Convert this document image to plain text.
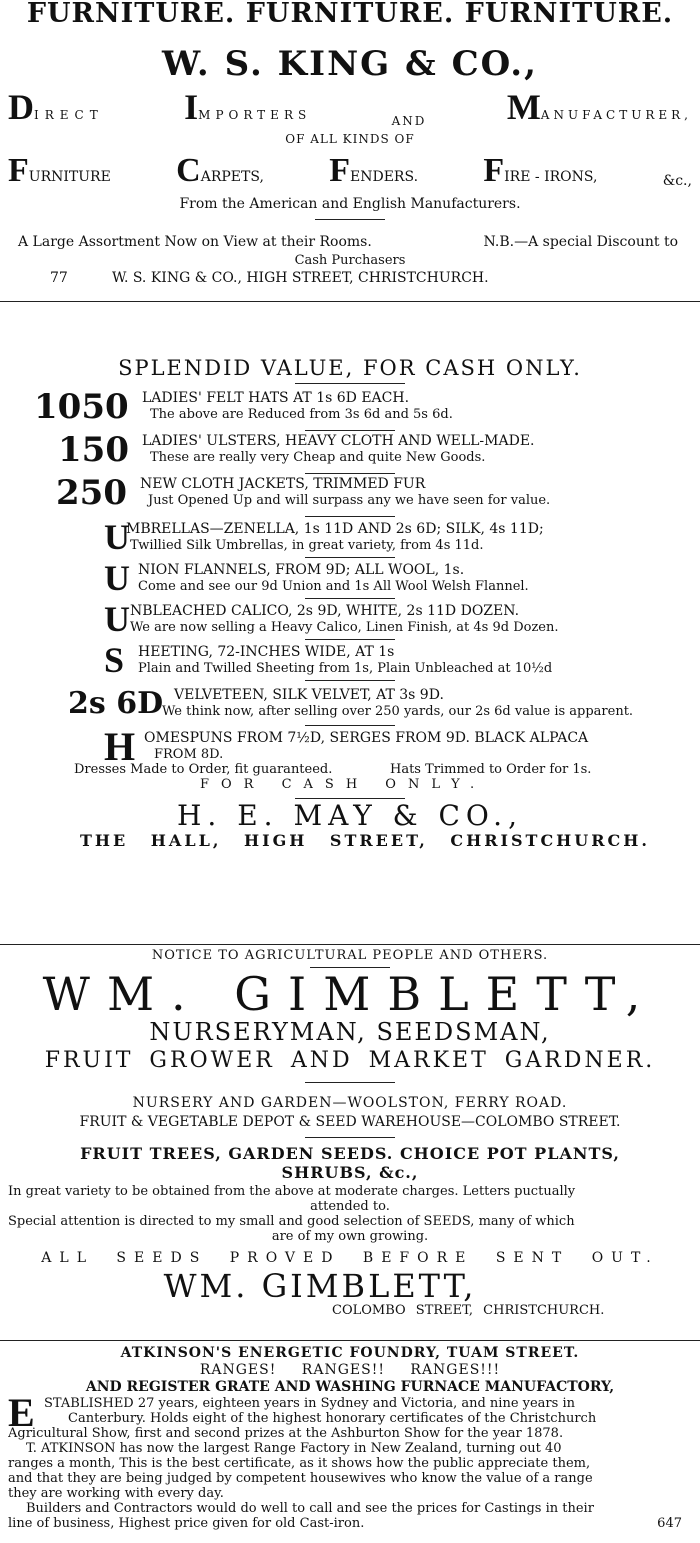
FURNITURE. FURNITURE. FURNITURE.
W. S. KING & CO.,
DIRECT IMPORTERS	AND MANUFACTURER,
OF ALL KINDS OF
FURNITURE CARPETS, FENDERS. FIRE - IRONS,	&c.,
From the American and English Manufacturers.
A Large Assortment Now on View at their Rooms.	N.B.—A special Discount to
Cash Purchasers
77	W. S. KING & CO., HIGH STREET, CHRISTCHURCH.
SPLENDID VALUE, FOR CASH ONLY.
1050 LADIES' FELT HATS AT 1s 6D EACH.
The above are Reduced from 3s 6d and 5s 6d.
150 LADIES' ULSTERS, HEAVY CLOTH AND WELL-MADE.
These are really very Cheap and quite New Goods.
250 NEW CLOTH JACKETS, TRIMMED FUR
Just Opened Up and will surpass any we have seen for value.
U
MBRELLAS—ZENELLA, 1s 11D AND 2s 6D; SILK, 4s 11D;
Twillied Silk Umbrellas, in great variety, from 4s 11d.
U NION FLANNELS, FROM 9D; ALL WOOL, 1s.
Come and see our 9d Union and 1s All Wool Welsh Flannel.
U NBLEACHED CALICO, 2s 9D, WHITE, 2s 11D DOZEN.
We are now selling a Heavy Calico, Linen Finish, at 4s 9d Dozen.
S HEETING, 72-INCHES WIDE, AT 1s
Plain and Twilled Sheeting from 1s, Plain Unbleached at 10½d
2s 6D VELVETEEN, SILK VELVET, AT 3s 9D.
We think now, after selling over 250 yards, our 2s 6d value is apparent.
H OMESPUNS FROM 7½D, SERGES FROM 9D. BLACK ALPACA
FROM 8D.
Dresses Made to Order, fit guaranteed.	Hats Trimmed to Order for 1s.
FOR CASH ONLY.
H. E. MAY & CO.,
THE HALL, HIGH STREET, CHRISTCHURCH.
NOTICE TO AGRICULTURAL PEOPLE AND OTHERS.
WM. GIMBLETT,
NURSERYMAN, SEEDSMAN,
FRUIT GROWER AND MARKET GARDNER.
NURSERY AND GARDEN—WOOLSTON, FERRY ROAD.
FRUIT & VEGETABLE DEPOT & SEED WAREHOUSE—COLOMBO STREET.
FRUIT TREES, GARDEN SEEDS. CHOICE POT PLANTS,
SHRUBS, &c.,
In great variety to be obtained from the above at moderate charges. Letters puctually
attended to.
Special attention is directed to my small and good selection of SEEDS, many of which
are of my own growing.
ALL SEEDS PROVED BEFORE SENT OUT.
WM. GIMBLETT,
COLOMBO STREET, CHRISTCHURCH.
ATKINSON'S ENERGETIC FOUNDRY, TUAM STREET.
RANGES! RANGES!! RANGES!!!
AND REGISTER GRATE AND WASHING FURNACE MANUFACTORY,
E STABLISHED 27 years, eighteen years in Sydney and Victoria, and nine years in
Canterbury. Holds eight of the highest honorary certificates of the Christchurch
Agricultural Show, first and second prizes at the Ashburton Show for the year 1878.
T. ATKINSON has now the largest Range Factory in New Zealand, turning out 40
ranges a month, This is the best certificate, as it shows how the public appreciate them,
and that they are being judged by competent housewives who know the value of a range
they are working with every day.
Builders and Contractors would do well to call and see the prices for Castings in their
line of business, Highest price given for old Cast-iron.	647
